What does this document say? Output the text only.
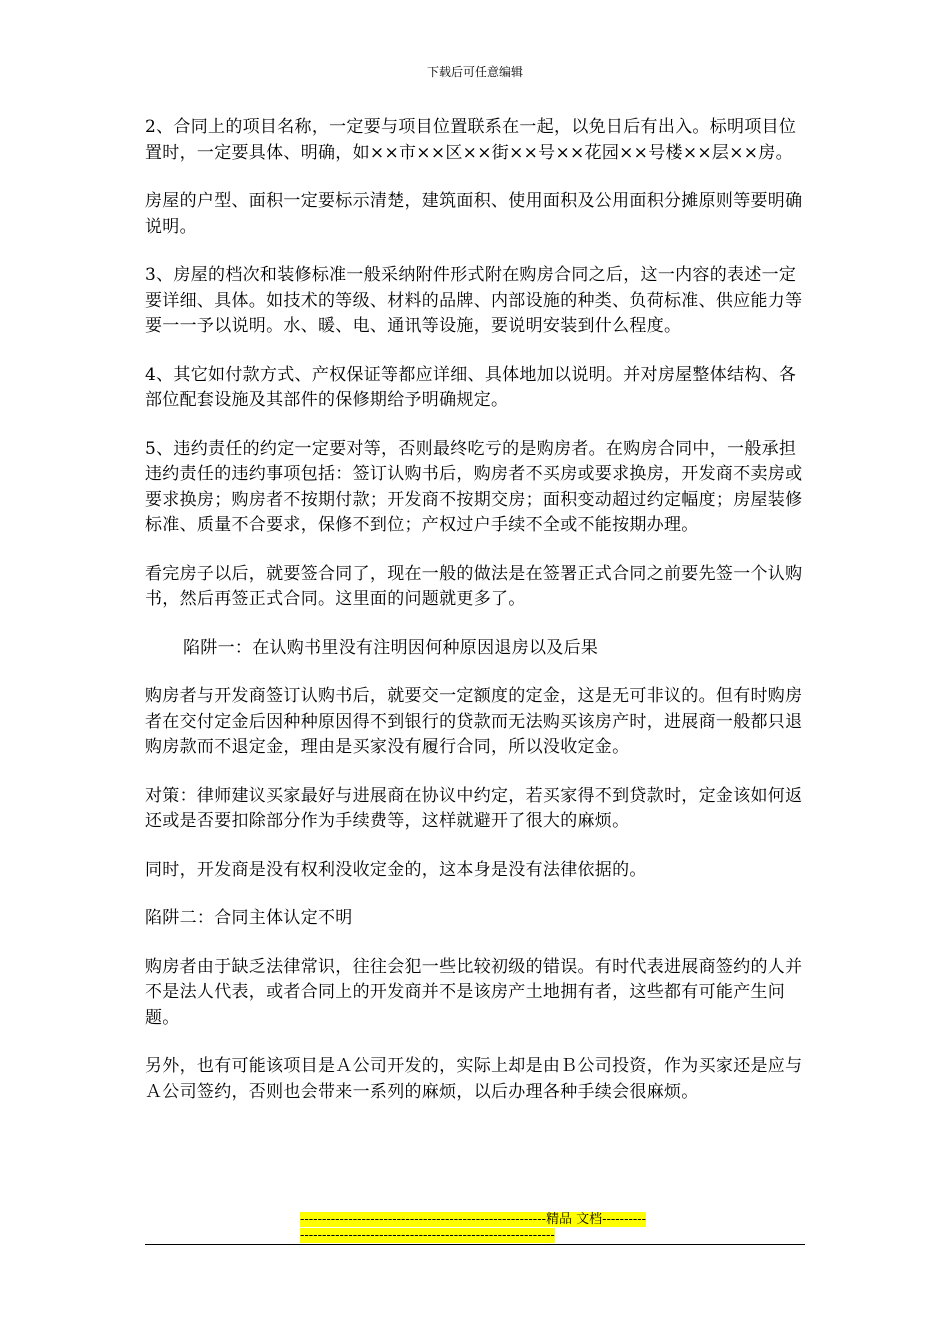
下载后可任意编辑

2、合同上的项目名称，一定要与项目位置联系在一起，以免日后有出入。标明项目位置时，一定要具体、明确，如××市××区××街××号××花园××号楼××层××房。

房屋的户型、面积一定要标示清楚，建筑面积、使用面积及公用面积分摊原则等要明确说明。

3、房屋的档次和装修标准一般采纳附件形式附在购房合同之后，这一内容的表述一定要详细、具体。如技术的等级、材料的品牌、内部设施的种类、负荷标准、供应能力等要一一予以说明。水、暖、电、通讯等设施，要说明安装到什么程度。

4、其它如付款方式、产权保证等都应详细、具体地加以说明。并对房屋整体结构、各部位配套设施及其部件的保修期给予明确规定。

5、违约责任的约定一定要对等，否则最终吃亏的是购房者。在购房合同中，一般承担违约责任的违约事项包括：签订认购书后，购房者不买房或要求换房，开发商不卖房或要求换房；购房者不按期付款；开发商不按期交房；面积变动超过约定幅度；房屋装修标准、质量不合要求，保修不到位；产权过户手续不全或不能按期办理。

看完房子以后，就要签合同了，现在一般的做法是在签署正式合同之前要先签一个认购书，然后再签正式合同。这里面的问题就更多了。

陷阱一：在认购书里没有注明因何种原因退房以及后果

购房者与开发商签订认购书后，就要交一定额度的定金，这是无可非议的。但有时购房者在交付定金后因种种原因得不到银行的贷款而无法购买该房产时，进展商一般都只退购房款而不退定金，理由是买家没有履行合同，所以没收定金。

对策：律师建议买家最好与进展商在协议中约定，若买家得不到贷款时，定金该如何返还或是否要扣除部分作为手续费等，这样就避开了很大的麻烦。

同时，开发商是没有权利没收定金的，这本身是没有法律依据的。

陷阱二：合同主体认定不明

购房者由于缺乏法律常识，往往会犯一些比较初级的错误。有时代表进展商签约的人并不是法人代表，或者合同上的开发商并不是该房产土地拥有者，这些都有可能产生问题。

另外，也有可能该项目是Ａ公司开发的，实际上却是由Ｂ公司投资，作为买家还是应与Ａ公司签约，否则也会带来一系列的麻烦，以后办理各种手续会很麻烦。

--------------------------------------------------------精品 文档--------------------------------------------------------------------
